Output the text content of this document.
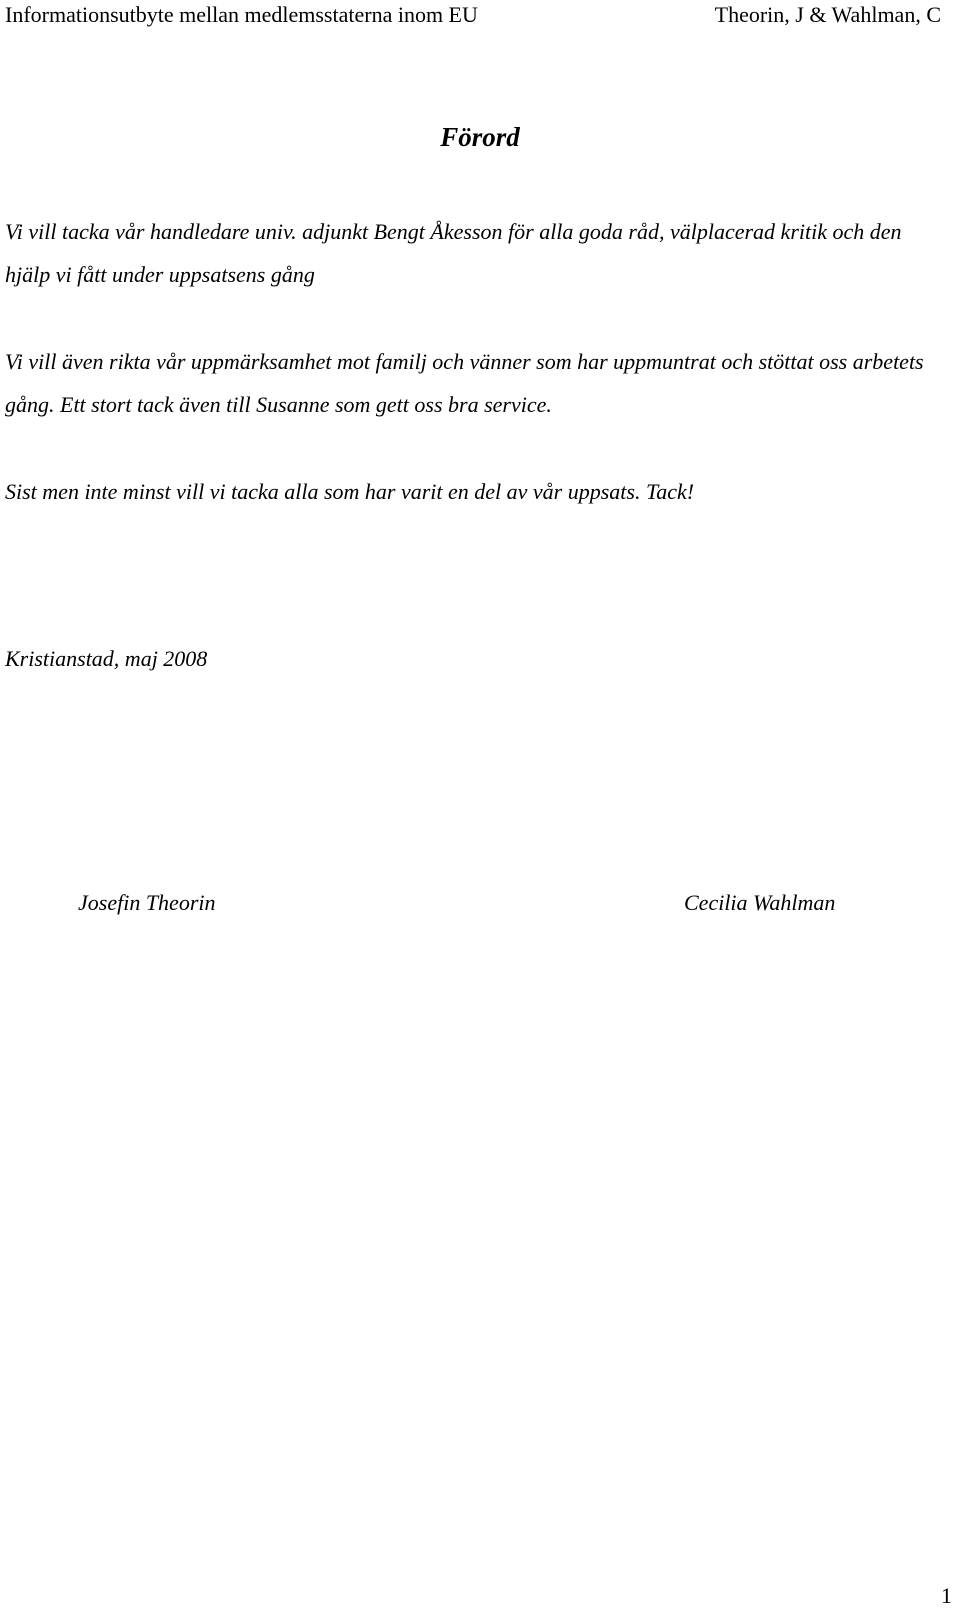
Informationsutbyte mellan medlemsstaterna inom EU	Theorin, J & Wahlman, C
Förord

Vi vill tacka vår handledare univ. adjunkt Bengt Åkesson för alla goda råd, välplacerad kritik och den hjälp vi fått under uppsatsens gång

Vi vill även rikta vår uppmärksamhet mot familj och vänner som har uppmuntrat och stöttat oss arbetets gång. Ett stort tack även till Susanne som gett oss bra service.

Sist men inte minst vill vi tacka alla som har varit en del av vår uppsats. Tack!

Kristianstad, maj 2008

Josefin Theorin	Cecilia Wahlman
1
